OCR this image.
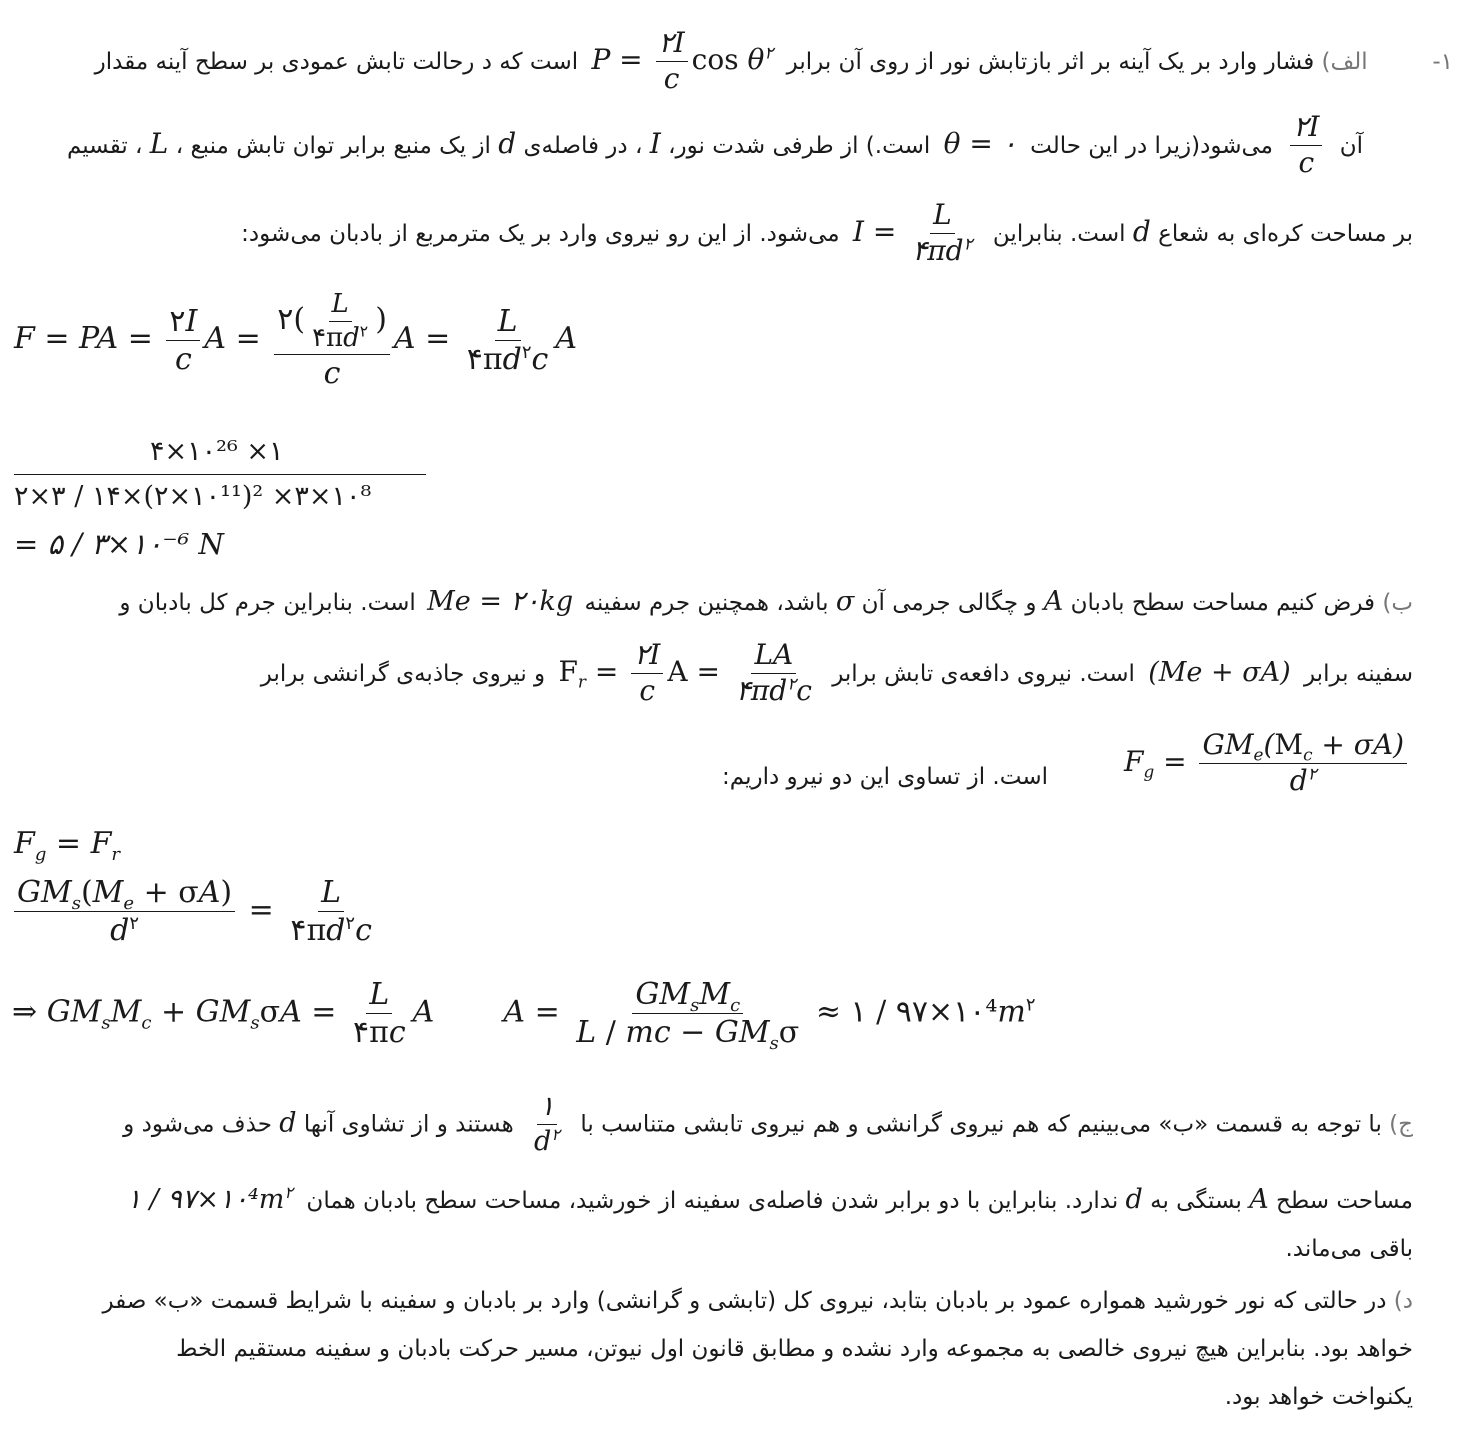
۱-  الف) فشار وارد بر یک آینه بر اثر بازتابش نور از روی آن برابر $P = \frac{۲I}{c}$ $\cos \theta^۲$ است که د رحالت تابش عمودی بر سطح آینه مقدار
آن
$\frac{۲I}{c}$
می‌شود(زیرا در این حالت θ = ۰ است.) از طرفی شدت نور، I ، در فاصله‌ی d از یک منبع برابر توان تابش منبع ، L ، تقسیم
بر مساحت کره‌ای به شعاع d است. بنابراین $I = \frac{L}{۴\pi d^۲}$
می‌شود. از این رو نیروی وارد بر یک مترمربع از بادبان می‌شود:
F = PA = $\frac{۲I}{c}$ $A = \frac{۲( \frac{L}{۴\pi d^۲} )}{c}$ $A = \frac{L}{۴\pi d^۲c}$ A
۴×۱۰²⁶ ×۱
۲×۳ / ۱۴×(۲×۱۰¹¹)² ×۳×۱۰⁸
= ۵ / ۳×۱۰⁻⁶ N
ب) فرض کنیم مساحت سطح بادبان A و چگالی جرمی آن σ باشد، همچنین جرم سفینه Me = ۲۰kg است. بنابراین جرم کل بادبان و
سفینه برابر (Me + σA) است. نیروی دافعه‌ی تابش برابر $F_r = \frac{۲I}{c}$ $A = \frac{LA}{۴\pi d^۲c}$
و نیروی جاذبه‌ی گرانشی برابر
$F_g = \frac{GM_e(M_c + \sigma A)}{d^۲}$
است. از تساوی این دو نیرو داریم:
$F_g = F_r$
$\frac{GM_s(M_e + \sigma A)}{d^۲} = \frac{L}{۴\pi d^۲c}$
⇒ $GM_sM_c + GM_s\sigma A = \frac{L}{۴\pi c}$ A $A = \frac{GM_sM_c}{L / mc - GM_s\sigma}$ ≈ ۱ / $۹۷\times ۱۰^4m^۲$
ج) با توجه به قسمت «ب» می‌بینیم که هم نیروی گرانشی و هم نیروی تابشی متناسب با
$\frac{۱}{d^۲}$
هستند و از تشاوی آنها d حذف می‌شود و
مساحت سطح A بستگی به d ندارد. بنابراین با دو برابر شدن فاصله‌ی سفینه از خورشید، مساحت سطح بادبان همان ۱ / $۹۷\times ۱۰^4m^۲$
باقی می‌ماند.
د) در حالتی که نور خورشید همواره عمود بر بادبان بتابد، نیروی کل (تابشی و گرانشی) وارد بر بادبان و سفینه با شرایط قسمت «ب» صفر
خواهد بود. بنابراین هیچ نیروی خالصی به مجموعه وارد نشده و مطابق قانون اول نیوتن، مسیر حرکت بادبان و سفینه مستقیم الخط
یکنواخت خواهد بود.
